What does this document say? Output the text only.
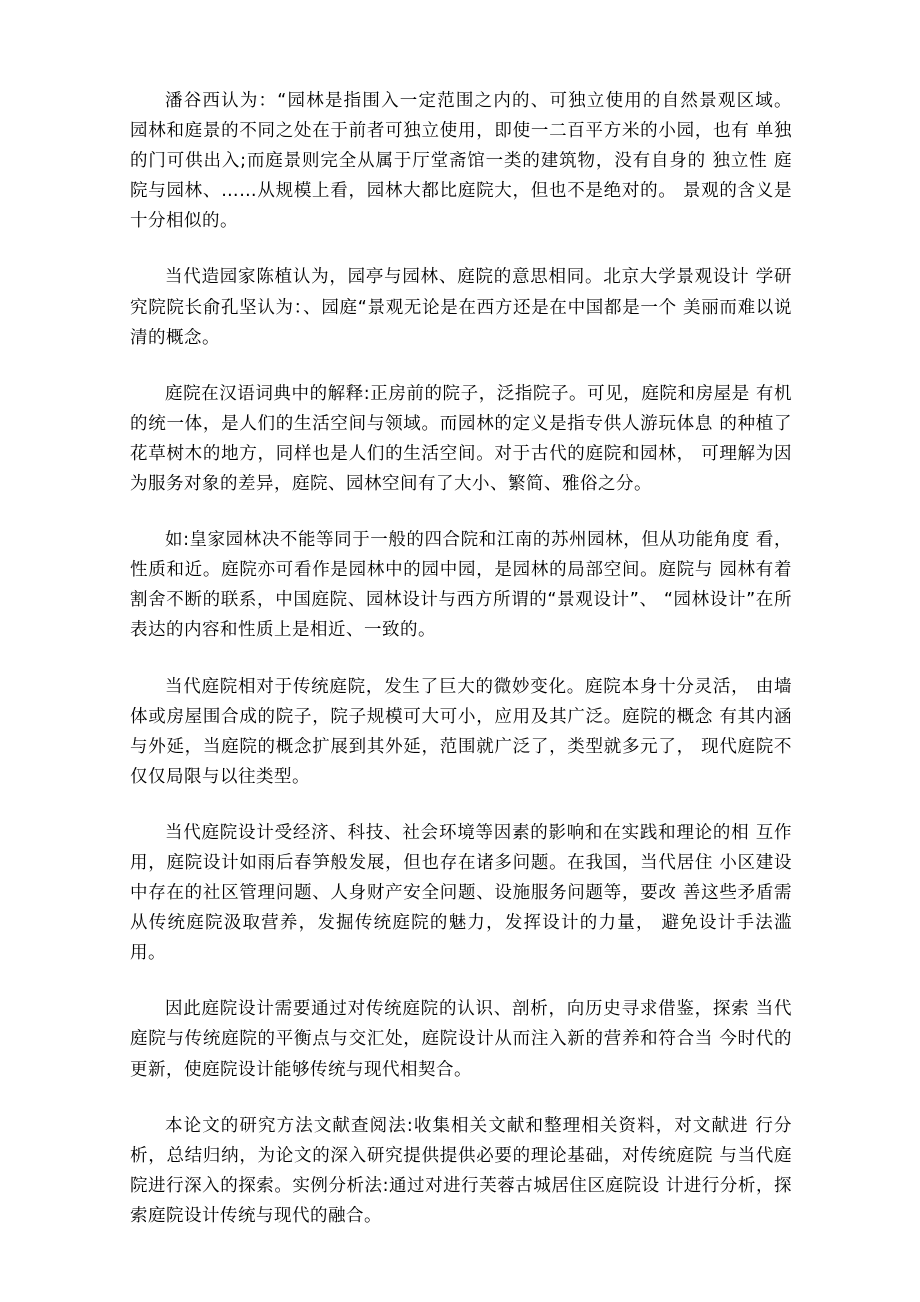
潘谷西认为：“园林是指围入一定范围之内的、可独立使用的自然景观区域。 园林和庭景的不同之处在于前者可独立使用，即使一二百平方米的小园，也有 单独的门可供出入;而庭景则完全从属于厅堂斋馆一类的建筑物，没有自身的 独立性 庭院与园林、……从规模上看，园林大都比庭院大，但也不是绝对的。 景观的含义是十分相似的。

当代造园家陈植认为，园亭与园林、庭院的意思相同。北京大学景观设计 学研究院院长俞孔坚认为：、园庭“景观无论是在西方还是在中国都是一个 美丽而难以说清的概念。

庭院在汉语词典中的解释:正房前的院子，泛指院子。可见，庭院和房屋是 有机的统一体，是人们的生活空间与领域。而园林的定义是指专供人游玩体息 的种植了花草树木的地方，同样也是人们的生活空间。对于古代的庭院和园林， 可理解为因为服务对象的差异，庭院、园林空间有了大小、繁简、雅俗之分。

如:皇家园林决不能等同于一般的四合院和江南的苏州园林，但从功能角度 看，性质和近。庭院亦可看作是园林中的园中园，是园林的局部空间。庭院与 园林有着割舍不断的联系，中国庭院、园林设计与西方所谓的“景观设计”、 “园林设计”在所表达的内容和性质上是相近、一致的。

当代庭院相对于传统庭院，发生了巨大的微妙变化。庭院本身十分灵活， 由墙体或房屋围合成的院子，院子规模可大可小，应用及其广泛。庭院的概念 有其内涵与外延，当庭院的概念扩展到其外延，范围就广泛了，类型就多元了， 现代庭院不仅仅局限与以往类型。

当代庭院设计受经济、科技、社会环境等因素的影响和在实践和理论的相 互作用，庭院设计如雨后春笋般发展，但也存在诸多问题。在我国，当代居住 小区建设中存在的社区管理问题、人身财产安全问题、设施服务问题等，要改 善这些矛盾需从传统庭院汲取营养，发掘传统庭院的魅力，发挥设计的力量， 避免设计手法滥用。

因此庭院设计需要通过对传统庭院的认识、剖析，向历史寻求借鉴，探索 当代庭院与传统庭院的平衡点与交汇处，庭院设计从而注入新的营养和符合当 今时代的更新，使庭院设计能够传统与现代相契合。

本论文的研究方法文献查阅法:收集相关文献和整理相关资料，对文献进 行分析，总结归纳，为论文的深入研究提供提供必要的理论基础，对传统庭院 与当代庭院进行深入的探索。实例分析法:通过对进行芙蓉古城居住区庭院设 计进行分析，探索庭院设计传统与现代的融合。
